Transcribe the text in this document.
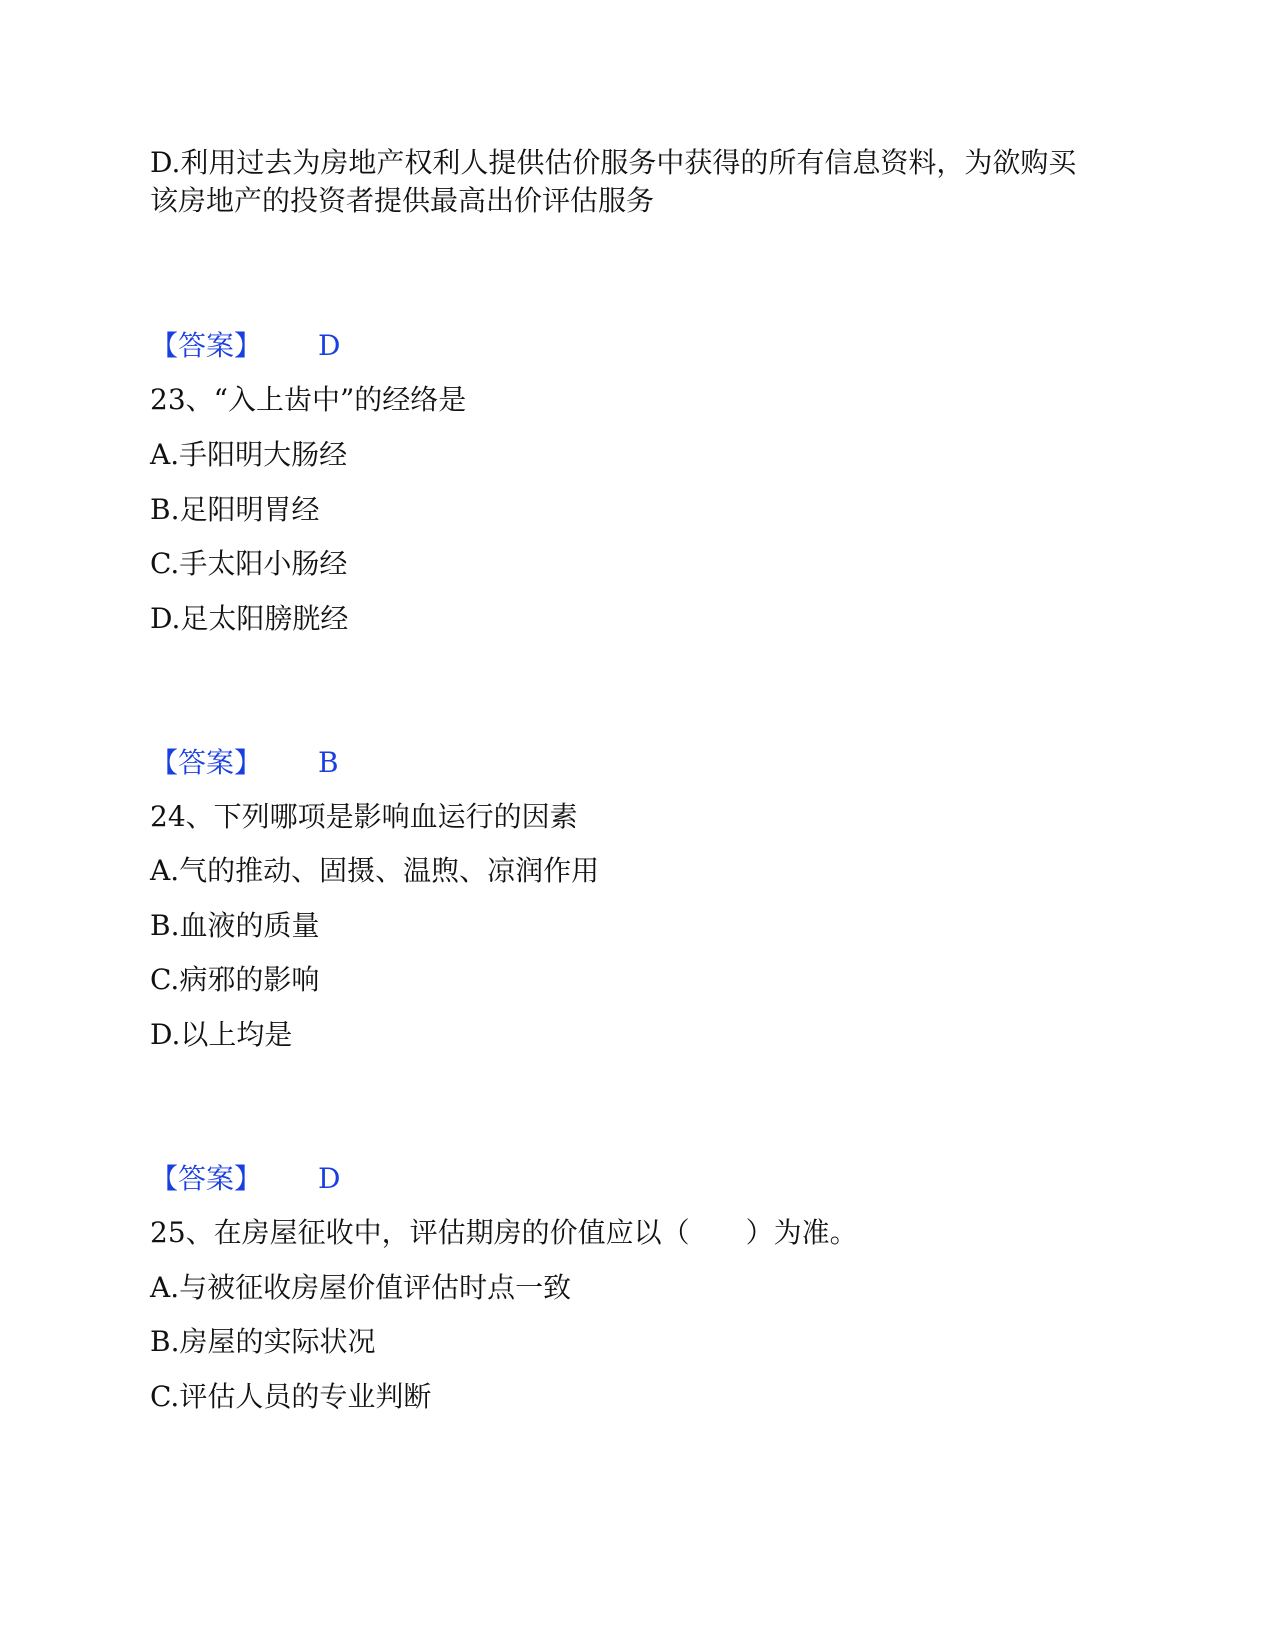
D.利用过去为房地产权利人提供估价服务中获得的所有信息资料，为欲购买
该房地产的投资者提供最高出价评估服务
【答案】 D
23、“入上齿中”的经络是
A.手阳明大肠经
B.足阳明胃经
C.手太阳小肠经
D.足太阳膀胱经
【答案】 B
24、下列哪项是影响血运行的因素
A.气的推动、固摄、温煦、凉润作用
B.血液的质量
C.病邪的影响
D.以上均是
【答案】 D
25、在房屋征收中，评估期房的价值应以（　　）为准。
A.与被征收房屋价值评估时点一致
B.房屋的实际状况
C.评估人员的专业判断
